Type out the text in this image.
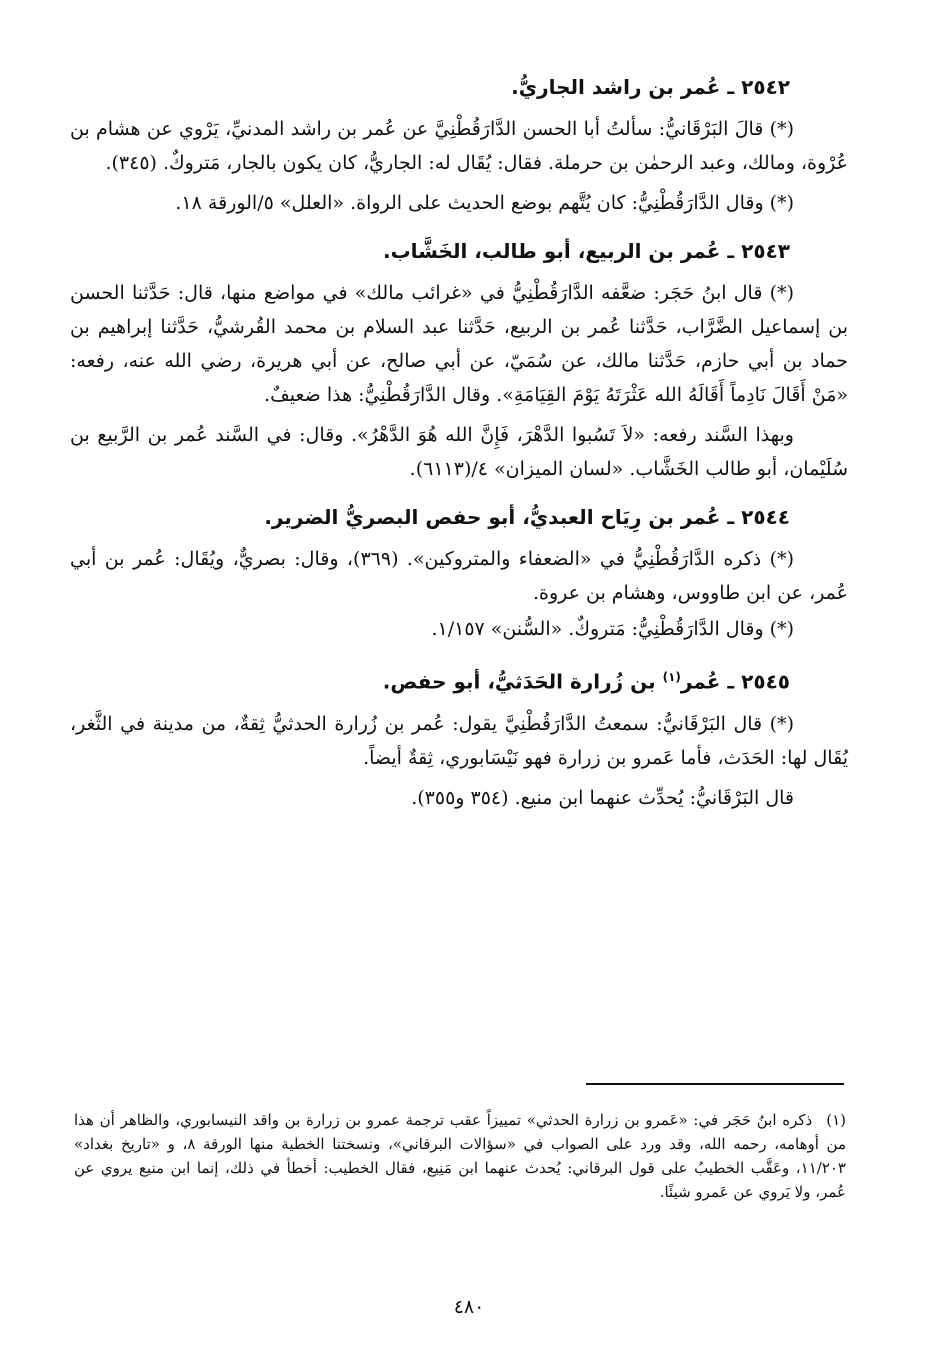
٢٥٤٢ ـ عُمر بن راشد الجاريُّ.

(*) قالَ البَرْقَانيُّ: سألتُ أبا الحسن الدَّارَقُطْنِيَّ عن عُمر بن راشد المدنيِّ، يَرْوي عن هشام بن عُرْوة، ومالك، وعبد الرحمٰن بن حرملة. فقال: يُقَال له: الجاريُّ، كان يكون بالجار، مَتروكٌ. (٣٤٥).

(*) وقال الدَّارَقُطْنِيُّ: كان يُتَّهم بوضع الحديث على الرواة. «العلل» ٥/الورقة ١٨.

٢٥٤٣ ـ عُمر بن الربيع، أبو طالب، الخَشَّاب.

(*) قال ابنُ حَجَر: ضعَّفه الدَّارَقُطْنِيُّ في «غرائب مالك» في مواضع منها، قال: حَدَّثنا الحسن بن إسماعيل الضَّرَّاب، حَدَّثنا عُمر بن الربيع، حَدَّثنا عبد السلام بن محمد القُرشيُّ، حَدَّثنا إبراهيم بن حماد بن أبي حازم، حَدَّثنا مالك، عن سُمَيّ، عن أبي صالح، عن أبي هريرة، رضي الله عنه، رفعه: «مَنْ أَقَالَ نَادِماً أَقَالَهُ الله عَثْرَتَهُ يَوْمَ القِيَامَةِ». وقال الدَّارَقُطْنِيُّ: هذا ضعيفٌ.

وبهذا السَّند رفعه: «لاَ تَسُبوا الدَّهْرَ، فَإِنَّ الله هُوَ الدَّهْرُ». وقال: في السَّند عُمر بن الرَّبيع بن سُلَيْمان، أبو طالب الخَشَّاب. «لسان الميزان» ٤/(٦١١٣).

٢٥٤٤ ـ عُمر بن رِيَاح العبديُّ، أبو حفص البصريُّ الضرير.

(*) ذكره الدَّارَقُطْنِيُّ في «الضعفاء والمتروكين». (٣٦٩)، وقال: بصريٌّ، ويُقَال: عُمر بن أبي عُمر، عن ابن طاووس، وهشام بن عروة.

(*) وقال الدَّارَقُطْنِيُّ: مَتروكٌ. «السُّنن» ١/١٥٧.

٢٥٤٥ ـ عُمر$^{(١)}$ بن زُرارة الحَدَثيُّ، أبو حفص.

(*) قال البَرْقَانيُّ: سمعتُ الدَّارَقُطْنِيَّ يقول: عُمر بن زُرارة الحدثيُّ ثِقةٌ، من مدينة في الثَّغر، يُقَال لها: الحَدَث، فأما عَمرو بن زرارة فهو نَيْسَابوري، ثِقةٌ أيضاً.

قال البَرْقَانيُّ: يُحدِّث عنهما ابن منيع. (٣٥٤ و٣٥٥).

(١)
ذكره ابنُ حَجَر في: «عَمرو بن زرارة الحدثي» تمييزاً عقب ترجمة عمرو بن زرارة بن واقد النيسابوري، والظاهر أن هذا من أوهامه، رحمه الله، وقد ورد على الصواب في «سؤالات البرقاني»، ونسختنا الخطية منها الورقة ٨، و «تاريخ بغداد» ١١/٢٠٣، وعَقَّب الخطيبُ على قول البرقاني: يُحدث عنهما ابن مَنِيع، فقال الخطيب: أخطأ في ذلك، إنما ابن منيع يروي عن عُمر، ولا يَروي عن عَمرو شيئًا.
٤٨٠
